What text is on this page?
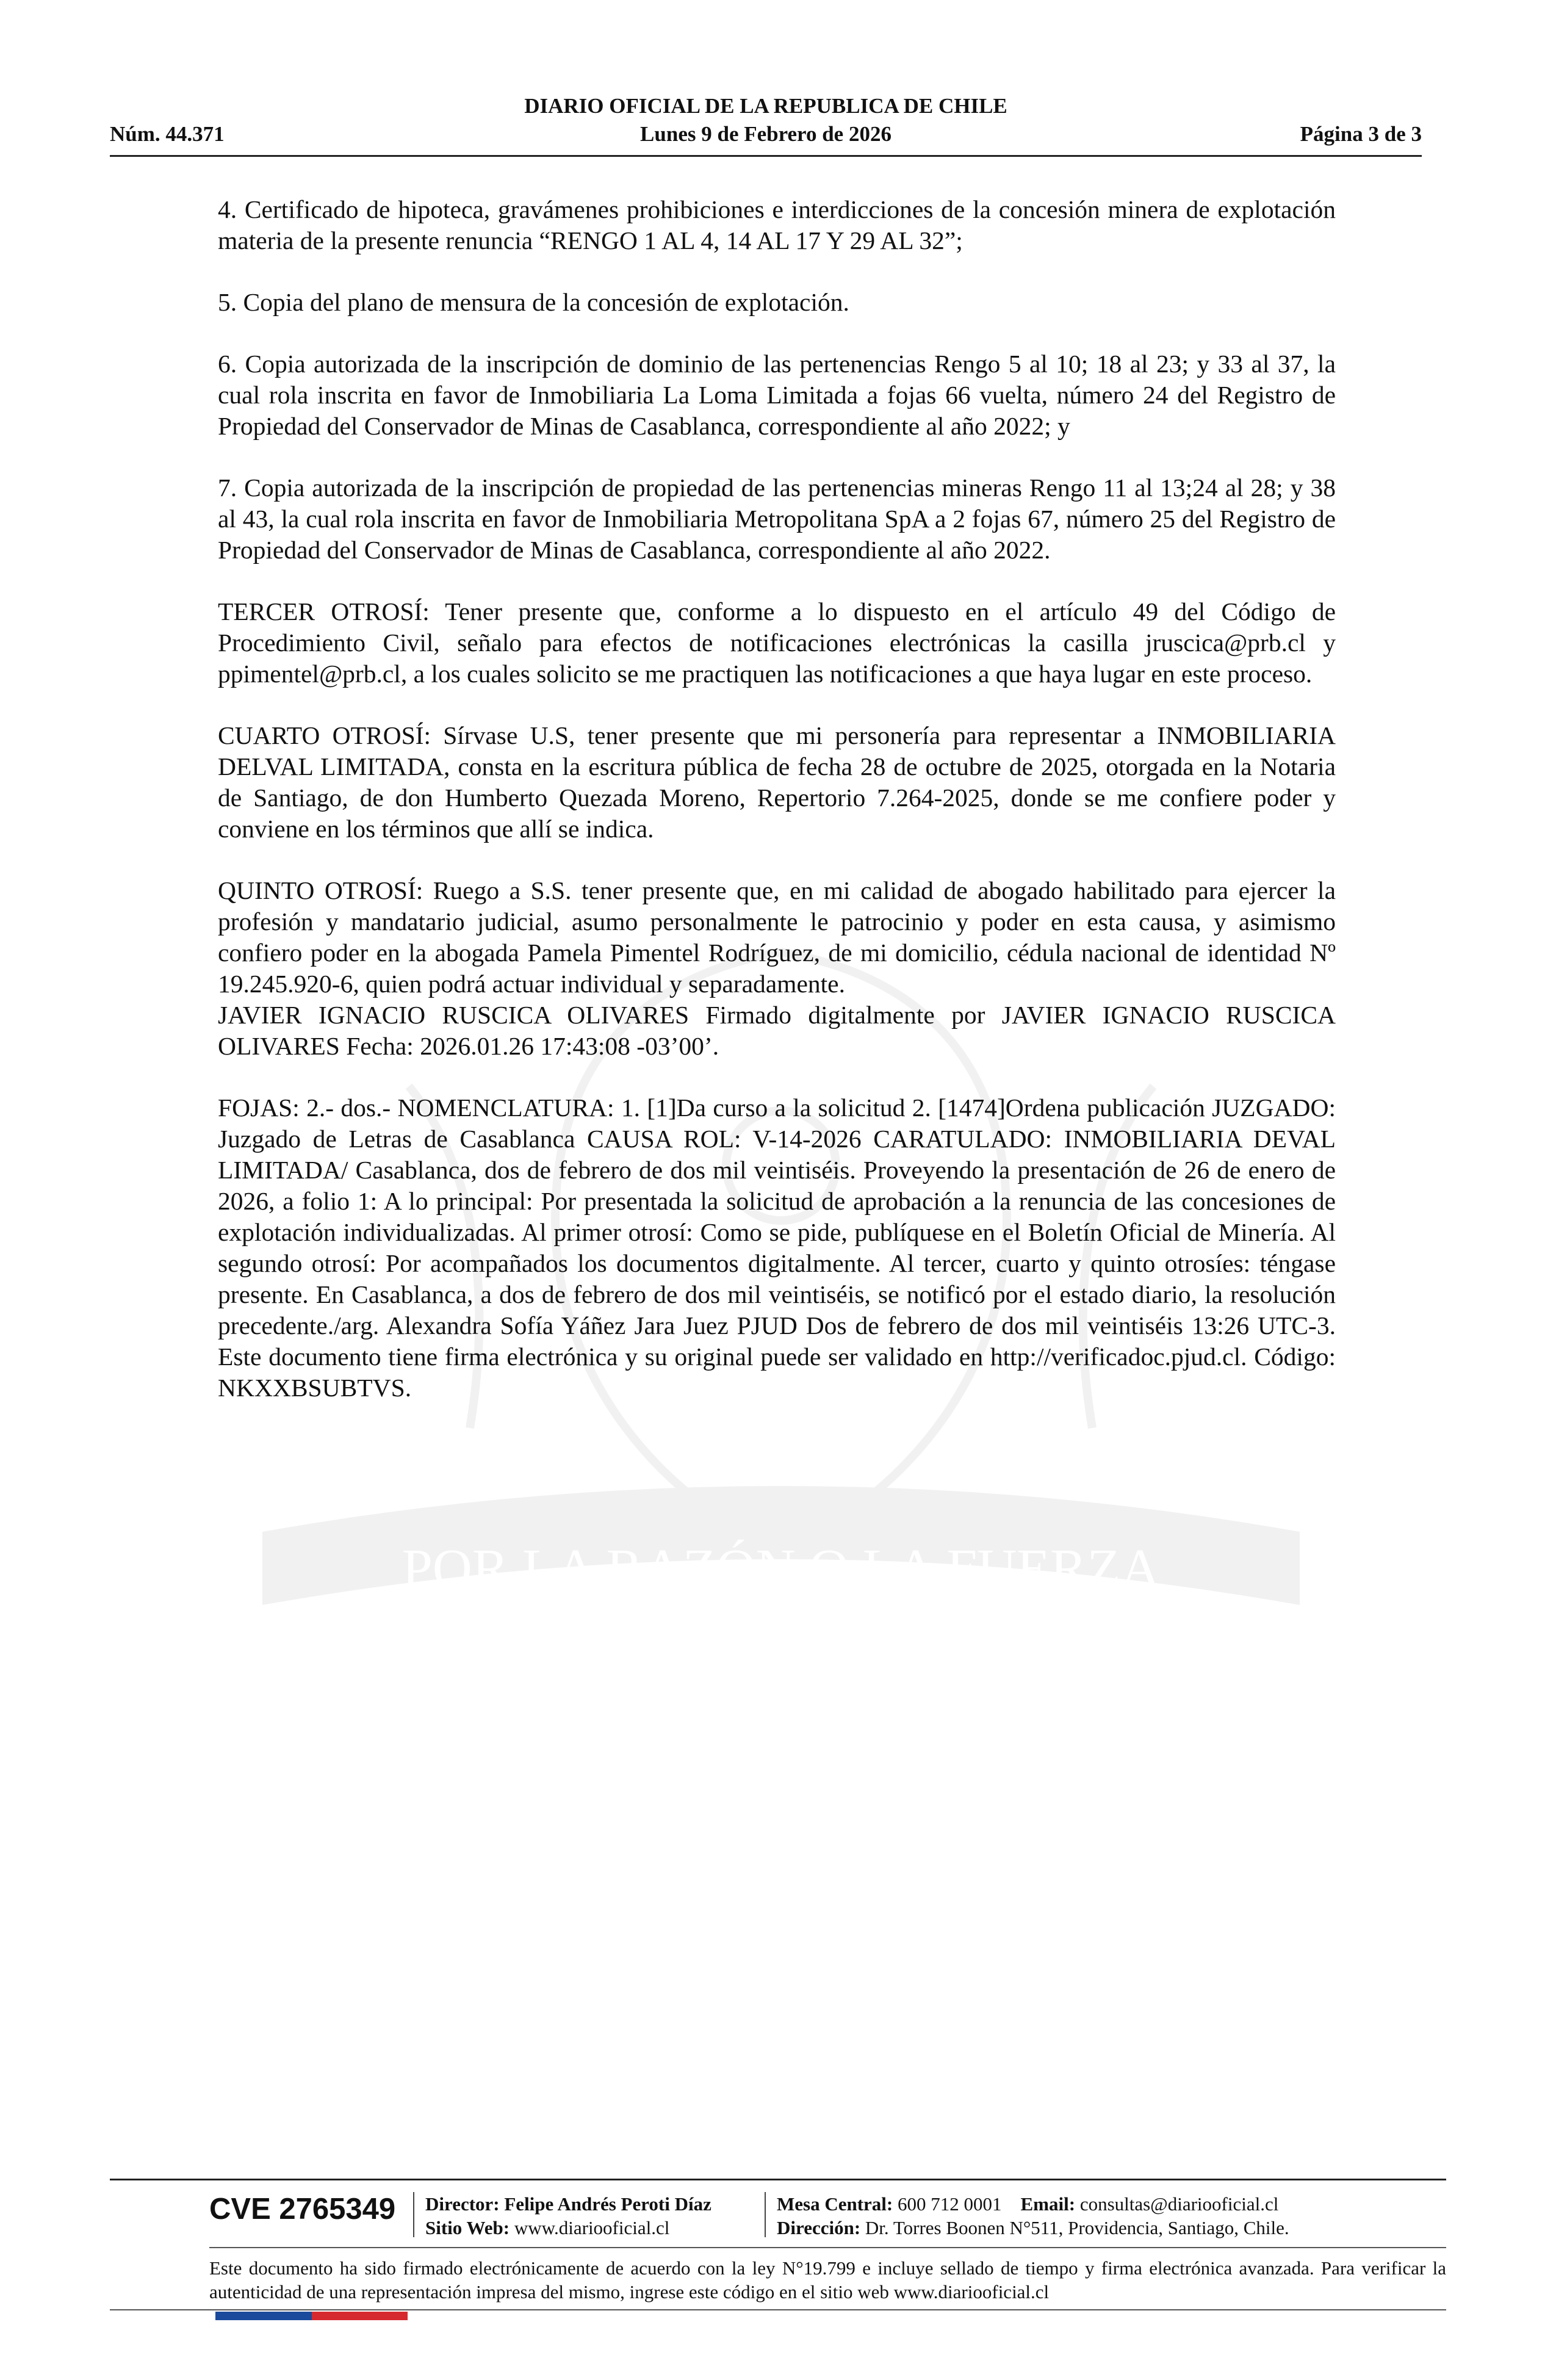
DIARIO OFICIAL DE LA REPUBLICA DE CHILE
Núm. 44.371	Lunes 9 de Febrero de 2026	Página 3 de 3
POR LA RAZÓN O LA FUERZA

4. Certificado de hipoteca, gravámenes prohibiciones e interdicciones de la concesión minera de explotación materia de la presente renuncia “RENGO 1 AL 4, 14 AL 17 Y 29 AL 32”;

5. Copia del plano de mensura de la concesión de explotación.

6. Copia autorizada de la inscripción de dominio de las pertenencias Rengo 5 al 10; 18 al 23; y 33 al 37, la cual rola inscrita en favor de Inmobiliaria La Loma Limitada a fojas 66 vuelta, número 24 del Registro de Propiedad del Conservador de Minas de Casablanca, correspondiente al año 2022; y

7. Copia autorizada de la inscripción de propiedad de las pertenencias mineras Rengo 11 al 13;24 al 28; y 38 al 43, la cual rola inscrita en favor de Inmobiliaria Metropolitana SpA a 2 fojas 67, número 25 del Registro de Propiedad del Conservador de Minas de Casablanca, correspondiente al año 2022.

TERCER OTROSÍ: Tener presente que, conforme a lo dispuesto en el artículo 49 del Código de Procedimiento Civil, señalo para efectos de notificaciones electrónicas la casilla jruscica@prb.cl y ppimentel@prb.cl, a los cuales solicito se me practiquen las notificaciones a que haya lugar en este proceso.

CUARTO OTROSÍ: Sírvase U.S, tener presente que mi personería para representar a INMOBILIARIA DELVAL LIMITADA, consta en la escritura pública de fecha 28 de octubre de 2025, otorgada en la Notaria de Santiago, de don Humberto Quezada Moreno, Repertorio 7.264-2025, donde se me confiere poder y conviene en los términos que allí se indica.

QUINTO OTROSÍ: Ruego a S.S. tener presente que, en mi calidad de abogado habilitado para ejercer la profesión y mandatario judicial, asumo personalmente le patrocinio y poder en esta causa, y asimismo confiero poder en la abogada Pamela Pimentel Rodríguez, de mi domicilio, cédula nacional de identidad Nº 19.245.920-6, quien podrá actuar individual y separadamente.

JAVIER IGNACIO RUSCICA OLIVARES Firmado digitalmente por JAVIER IGNACIO RUSCICA OLIVARES Fecha: 2026.01.26 17:43:08 -03’00’.

FOJAS: 2.- dos.- NOMENCLATURA: 1. [1]Da curso a la solicitud 2. [1474]Ordena publicación JUZGADO: Juzgado de Letras de Casablanca CAUSA ROL: V-14-2026 CARATULADO: INMOBILIARIA DEVAL LIMITADA/ Casablanca, dos de febrero de dos mil veintiséis. Proveyendo la presentación de 26 de enero de 2026, a folio 1: A lo principal: Por presentada la solicitud de aprobación a la renuncia de las concesiones de explotación individualizadas. Al primer otrosí: Como se pide, publíquese en el Boletín Oficial de Minería. Al segundo otrosí: Por acompañados los documentos digitalmente. Al tercer, cuarto y quinto otrosíes: téngase presente. En Casablanca, a dos de febrero de dos mil veintiséis, se notificó por el estado diario, la resolución precedente./arg. Alexandra Sofía Yáñez Jara Juez PJUD Dos de febrero de dos mil veintiséis 13:26 UTC-3. Este documento tiene firma electrónica y su original puede ser validado en http://verificadoc.pjud.cl. Código: NKXXBSUBTVS.

CVE 2765349	Director: Felipe Andrés Peroti Díaz
Sitio Web: www.diariooficial.cl
Mesa Central: 600 712 0001 Email: consultas@diariooficial.cl
Dirección: Dr. Torres Boonen N°511, Providencia, Santiago, Chile.
Este documento ha sido firmado electrónicamente de acuerdo con la ley N°19.799 e incluye sellado de tiempo y firma electrónica avanzada. Para verificar la autenticidad de una representación impresa del mismo, ingrese este código en el sitio web www.diariooficial.cl
